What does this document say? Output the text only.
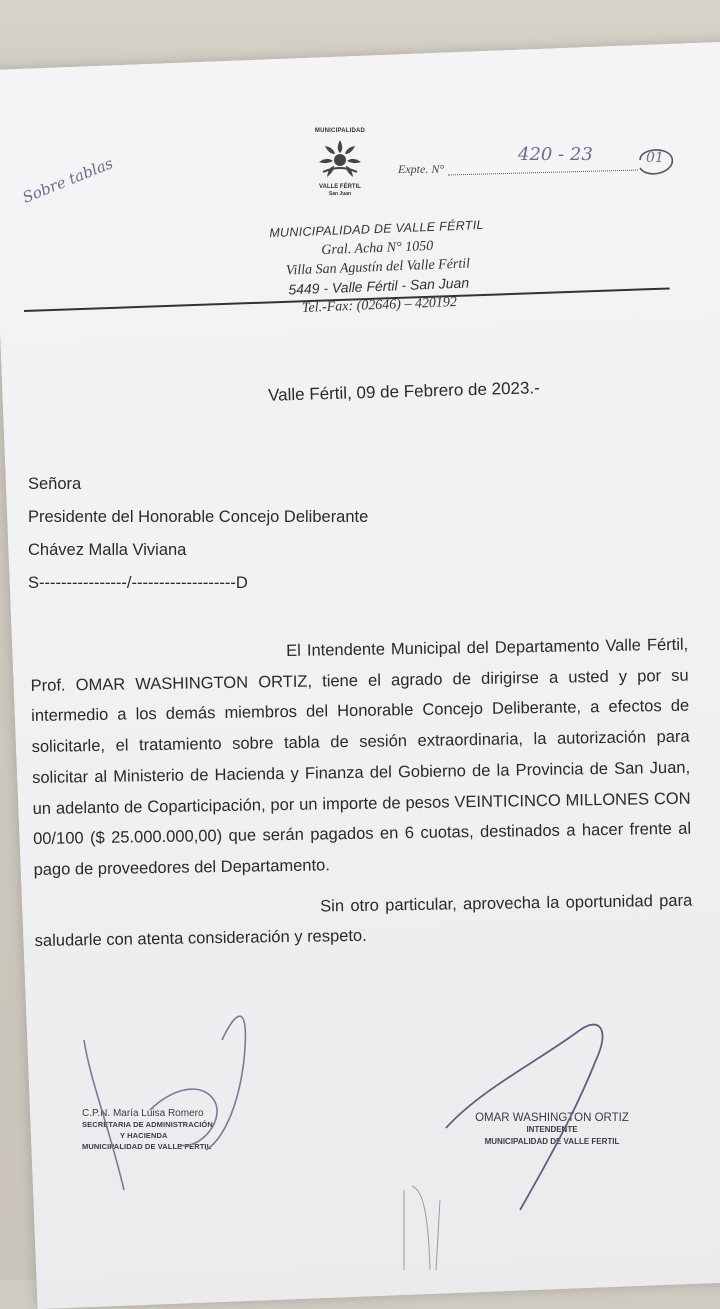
MUNICIPALIDAD
VALLE FÉRTIL
San Juan
Expte. N°
420 - 23	01
Sobre tablas
MUNICIPALIDAD DE VALLE FÉRTIL
Gral. Acha N° 1050
Villa San Agustín del Valle Fértil
5449 - Valle Fértil - San Juan
Tel.-Fax: (02646) – 420192
Valle Fértil, 09 de Febrero de 2023.-
Señora
Presidente del Honorable Concejo Deliberante
Chávez Malla Viviana
S----------------/-------------------D

El Intendente Municipal del Departamento Valle Fértil, Prof. OMAR WASHINGTON ORTIZ, tiene el agrado de dirigirse a usted y por su intermedio a los demás miembros del Honorable Concejo Deliberante, a efectos de solicitarle, el tratamiento sobre tabla de sesión extraordinaria, la autorización para solicitar al Ministerio de Hacienda y Finanza del Gobierno de la Provincia de San Juan, un adelanto de Coparticipación, por un importe de pesos VEINTICINCO MILLONES CON 00/100 ($ 25.000.000,00) que serán pagados en 6 cuotas, destinados a hacer frente al pago de proveedores del Departamento.

Sin otro particular, aprovecha la oportunidad para saludarle con atenta consideración y respeto.

C.P.N. María Luisa Romero
SECRETARIA DE ADMINISTRACIÓN
Y HACIENDA
MUNICIPALIDAD DE VALLE FERTIL
OMAR WASHINGTON ORTIZ
INTENDENTE
MUNICIPALIDAD DE VALLE FERTIL
